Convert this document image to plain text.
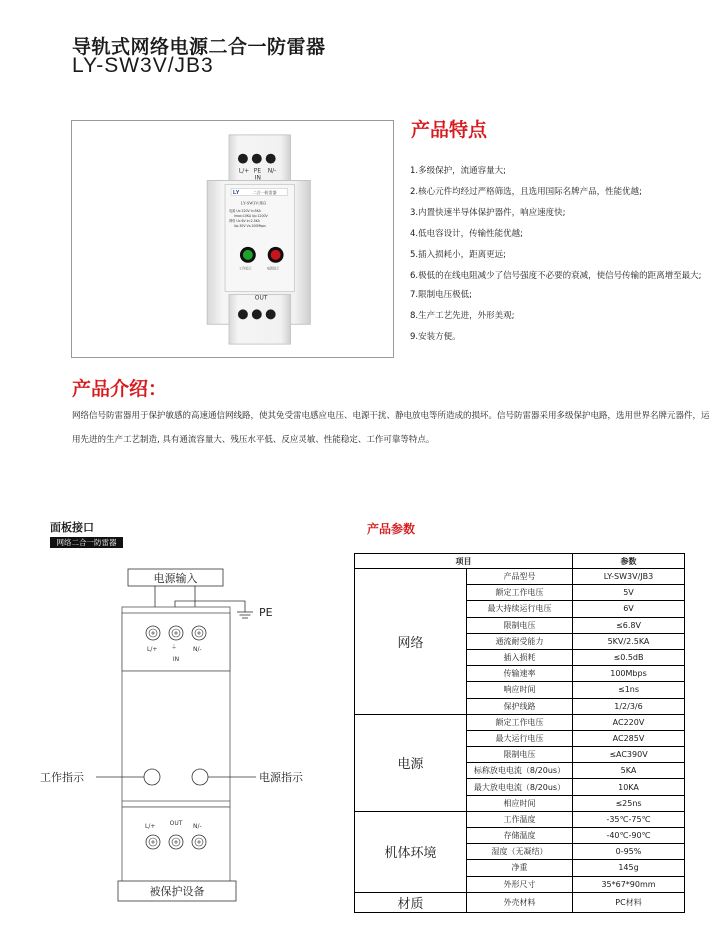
导轨式网络电源二合一防雷器
LY-SW3V/JB3
L/+ PE N/-
IN
LY	二合一防雷器
LY-SW3V/JB3
电源 Uc:220V In:5KA
Imax:10KA Up:1200V
网络 Uc:6V In:2.5KA
Up:30V Vs:100Mbps
工作指示	电源指示
OUT
产品特点
1.多级保护，流通容量大;
2.核心元件均经过严格筛选，且选用国际名牌产品，性能优越;
3.内置快速半导体保护器件，响应速度快;
4.低电容设计，传输性能优越;
5.插入损耗小，距离更远;
6.极低的在线电阻减少了信号强度不必要的衰减，使信号传输的距离增至最大;
7.限制电压极低;
8.生产工艺先进，外形美观;
9.安装方便。
产品介绍：
网络信号防雷器用于保护敏感的高速通信网线路，使其免受雷电感应电压、电源干扰、静电放电等所造成的损坏。信号防雷器采用多级保护电路，选用世界名牌元器件，运用先进的生产工艺制造, 具有通流容量大、残压水平低、反应灵敏、性能稳定、工作可靠等特点。
面板接口
网络二合一防雷器
电源输入
PE
L/+ ⏚	N/-
IN
工作指示	电源指示
L/+ OUT N/-
被保护设备
产品参数
项目		参数
网络	产品型号	LY-SW3V/JB3
	额定工作电压	5V
	最大持续运行电压	6V
	限制电压	≤6.8V
	通流耐受能力	5KV/2.5KA
	插入损耗	≤0.5dB
	传输速率	100Mbps
	响应时间	≤1ns
	保护线路	1/2/3/6
电源	额定工作电压	AC220V
	最大运行电压	AC285V
	限制电压	≤AC390V
	标称放电电流（8/20us）	5KA
	最大放电电流（8/20us）	10KA
	相应时间	≤25ns
机体环境	工作温度	-35℃-75℃
	存储温度	-40℃-90℃
	湿度（无凝结）	0-95%
	净重	145g
	外形尺寸	35*67*90mm
材质	外壳材料	PC材料
